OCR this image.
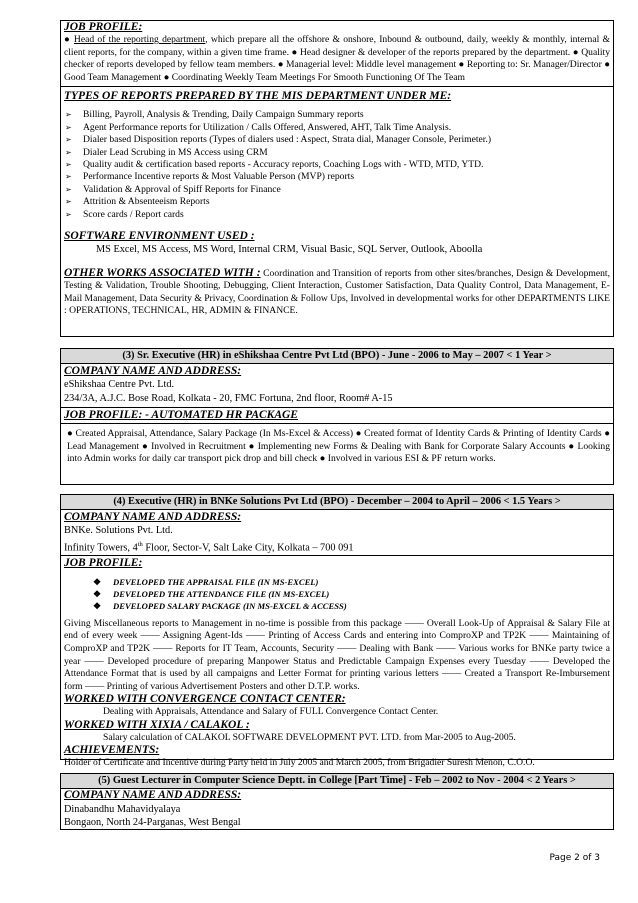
JOB PROFILE:
● Head of the reporting department, which prepare all the offshore & onshore, Inbound & outbound, daily, weekly & monthly, internal & client reports, for the company, within a given time frame. ● Head designer & developer of the reports prepared by the department. ● Quality checker of reports developed by fellow team members. ● Managerial level: Middle level management ● Reporting to: Sr. Manager/Director ● Good Team Management ● Coordinating Weekly Team Meetings For Smooth Functioning Of The Team
TYPES OF REPORTS PREPARED BY THE MIS DEPARTMENT UNDER ME:
➢ Billing, Payroll, Analysis & Trending, Daily Campaign Summary reports
➢ Agent Performance reports for Utilization / Calls Offered, Answered, AHT, Talk Time Analysis.
➢ Dialer based Disposition reports (Types of dialers used : Aspect, Strata dial, Manager Console, Perimeter.)
➢ Dialer Lead Scrubing in MS Access using CRM
➢ Quality audit & certification based reports - Accuracy reports, Coaching Logs with - WTD, MTD, YTD.
➢ Performance Incentive reports & Most Valuable Person (MVP) reports
➢ Validation & Approval of Spiff Reports for Finance
➢ Attrition & Absenteeism Reports
➢ Score cards / Report cards
SOFTWARE ENVIRONMENT USED :
MS Excel, MS Access, MS Word, Internal CRM, Visual Basic, SQL Server, Outlook, Aboolla
OTHER WORKS ASSOCIATED WITH : Coordination and Transition of reports from other sites/branches, Design & Development, Testing & Validation, Trouble Shooting, Debugging, Client Interaction, Customer Satisfaction, Data Quality Control, Data Management, E-Mail Management, Data Security & Privacy, Coordination & Follow Ups, Involved in developmental works for other DEPARTMENTS LIKE : OPERATIONS, TECHNICAL, HR, ADMIN & FINANCE.
(3) Sr. Executive (HR) in eShikshaa Centre Pvt Ltd (BPO) - June - 2006 to May – 2007 < 1 Year >
COMPANY NAME AND ADDRESS:
eShikshaa Centre Pvt. Ltd.
234/3A, A.J.C. Bose Road, Kolkata - 20, FMC Fortuna, 2nd floor, Room# A-15
JOB PROFILE: - AUTOMATED HR PACKAGE
● Created Appraisal, Attendance, Salary Package (In Ms-Excel & Access) ● Created format of Identity Cards & Printing of Identity Cards ● Lead Management ● Involved in Recruitment ● Implementing new Forms & Dealing with Bank for Corporate Salary Accounts ● Looking into Admin works for daily car transport pick drop and bill check ● Involved in various ESI & PF return works.
(4) Executive (HR) in BNKe Solutions Pvt Ltd (BPO) - December – 2004 to April – 2006 < 1.5 Years >
COMPANY NAME AND ADDRESS:
BNKe. Solutions Pvt. Ltd.
Infinity Towers, 4th Floor, Sector-V, Salt Lake City, Kolkata – 700 091
JOB PROFILE:
❖ DEVELOPED THE APPRAISAL FILE (IN MS-EXCEL)
❖ DEVELOPED THE ATTENDANCE FILE (IN MS-EXCEL)
❖ DEVELOPED SALARY PACKAGE (IN MS-EXCEL & ACCESS)
Giving Miscellaneous reports to Management in no-time is possible from this package —— Overall Look-Up of Appraisal & Salary File at end of every week —— Assigning Agent-Ids —— Printing of Access Cards and entering into ComproXP and TP2K —— Maintaining of ComproXP and TP2K —— Reports for IT Team, Accounts, Security —— Dealing with Bank —— Various works for BNKe party twice a year —— Developed procedure of preparing Manpower Status and Predictable Campaign Expenses every Tuesday —— Developed the Attendance Format that is used by all campaigns and Letter Format for printing various letters —— Created a Transport Re-Imbursement form —— Printing of various Advertisement Posters and other D.T.P. works.
WORKED WITH CONVERGENCE CONTACT CENTER:
Dealing with Appraisals, Attendance and Salary of FULL Convergence Contact Center.
WORKED WITH XIXIA / CALAKOL :
Salary calculation of CALAKOL SOFTWARE DEVELOPMENT PVT. LTD. from Mar-2005 to Aug-2005.
ACHIEVEMENTS:
Holder of Certificate and Incentive during Party held in July 2005 and March 2005, from Brigadier Suresh Menon, C.O.O.
(5) Guest Lecturer in Computer Science Deptt. in College [Part Time] - Feb – 2002 to Nov - 2004 < 2 Years >
COMPANY NAME AND ADDRESS:
Dinabandhu Mahavidyalaya
Bongaon, North 24-Parganas, West Bengal
Page 2 of 3
